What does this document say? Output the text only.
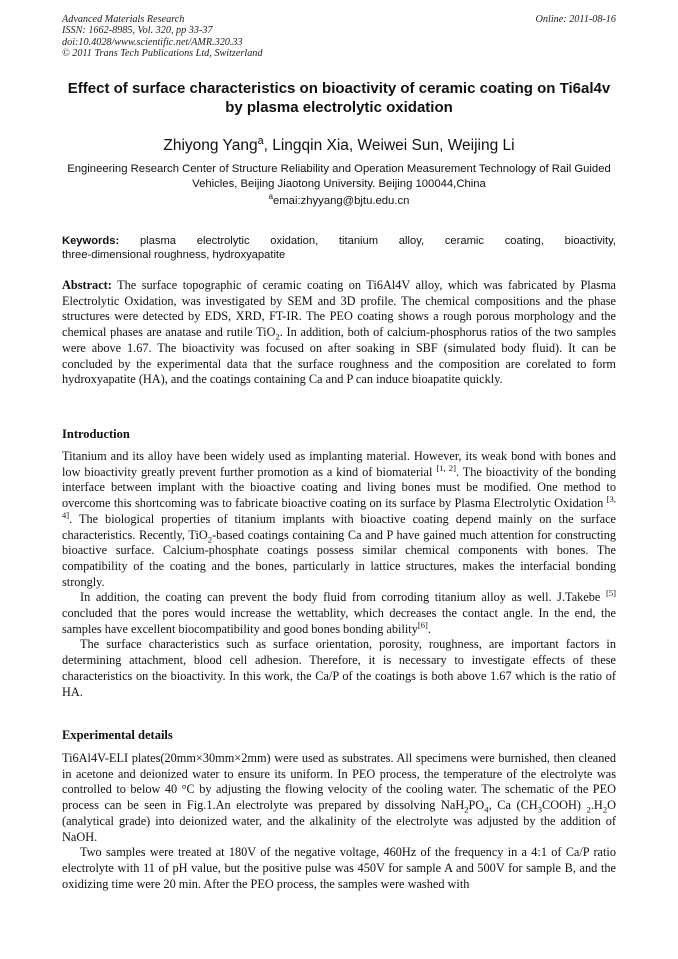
Advanced Materials Research
ISSN: 1662-8985, Vol. 320, pp 33-37
doi:10.4028/www.scientific.net/AMR.320.33
© 2011 Trans Tech Publications Ltd, Switzerland
Online: 2011-08-16
Effect of surface characteristics on bioactivity of ceramic coating on Ti6al4v by plasma electrolytic oxidation
Zhiyong Yang$^a$, Lingqin Xia, Weiwei Sun, Weijing Li
Engineering Research Center of Structure Reliability and Operation Measurement Technology of Rail Guided Vehicles, Beijing Jiaotong University. Beijing 100044,China
$^a$emai:zhyyang@bjtu.edu.cn
Keywords: plasma electrolytic oxidation, titanium alloy, ceramic coating, bioactivity,
three-dimensional roughness, hydroxyapatite

Abstract: The surface topographic of ceramic coating on Ti6Al4V alloy, which was fabricated by Plasma Electrolytic Oxidation, was investigated by SEM and 3D profile. The chemical compositions and the phase structures were detected by EDS, XRD, FT-IR. The PEO coating shows a rough porous morphology and the chemical phases are anatase and rutile TiO$_2$. In addition, both of calcium-phosphorus ratios of the two samples were above 1.67. The bioactivity was focused on after soaking in SBF (simulated body fluid). It can be concluded by the experimental data that the surface roughness and the composition are corelated to form hydroxyapatite (HA), and the coatings containing Ca and P can induce bioapatite quickly.

Introduction

Titanium and its alloy have been widely used as implanting material. However, its weak bond with bones and low bioactivity greatly prevent further promotion as a kind of biomaterial [1, 2]. The bioactivity of the bonding interface between implant with the bioactive coating and living bones must be modified. One method to overcome this shortcoming was to fabricate bioactive coating on its surface by Plasma Electrolytic Oxidation [3, 4]. The biological properties of titanium implants with bioactive coating depend mainly on the surface characteristics. Recently, TiO$_2$-based coatings containing Ca and P have gained much attention for constructing bioactive surface. Calcium-phosphate coatings possess similar chemical components with bones. The compatibility of the coating and the bones, particularly in lattice structures, makes the interfacial bonding strongly.

In addition, the coating can prevent the body fluid from corroding titanium alloy as well. J.Takebe [5] concluded that the pores would increase the wettablity, which decreases the contact angle. In the end, the samples have excellent biocompatibility and good bones bonding ability[6].

The surface characteristics such as surface orientation, porosity, roughness, are important factors in determining attachment, blood cell adhesion. Therefore, it is necessary to investigate effects of these characteristics on the bioactivity. In this work, the Ca/P of the coatings is both above 1.67 which is the ratio of HA.

Experimental details

Ti6Al4V-ELI plates(20mm×30mm×2mm) were used as substrates. All specimens were burnished, then cleaned in acetone and deionized water to ensure its uniform. In PEO process, the temperature of the electrolyte was controlled to below 40 °C by adjusting the flowing velocity of the cooling water. The schematic of the PEO process can be seen in Fig.1.An electrolyte was prepared by dissolving $NaH_2PO_4$, Ca $(CH_3COOH)$ $_2.H_2O$ (analytical grade) into deionized water, and the alkalinity of the electrolyte was adjusted by the addition of NaOH.

Two samples were treated at 180V of the negative voltage, 460Hz of the frequency in a 4:1 of Ca/P ratio electrolyte with 11 of pH value, but the positive pulse was 450V for sample A and 500V for sample B, and the oxidizing time were 20 min. After the PEO process, the samples were washed with
